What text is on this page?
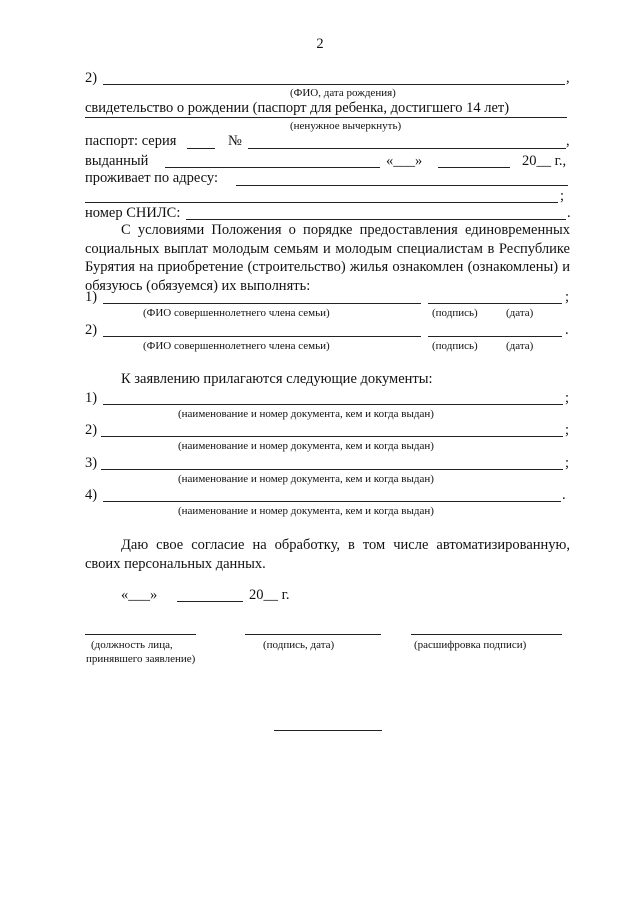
2
2)	,
(ФИО, дата рождения)
свидетельство о рождении (паспорт для ребенка, достигшего 14 лет)
(ненужное вычеркнуть)
паспорт: серия	№	,
выданный	«___»	20__ г.,
проживает по адресу:
;
номер СНИЛС:	.
С условиями Положения о порядке предоставления единовременных социальных выплат молодым семьям и молодым специалистам в Республике Бурятия на приобретение (строительство) жилья ознакомлен (ознакомлены) и обязуюсь (обязуемся) их выполнять:
1)	;
(ФИО совершеннолетнего члена семьи)	(подпись)	(дата)
2)	.
(ФИО совершеннолетнего члена семьи)	(подпись)	(дата)
К заявлению прилагаются следующие документы:
1)	;
(наименование и номер документа, кем и когда выдан)
2)	;
(наименование и номер документа, кем и когда выдан)
3)	;
(наименование и номер документа, кем и когда выдан)
4)	.
(наименование и номер документа, кем и когда выдан)
Даю свое согласие на обработку, в том числе автоматизированную, своих персональных данных.
«___»	20__ г.
(должность лица,
принявшего заявление)
(подпись, дата)	(расшифровка подписи)
